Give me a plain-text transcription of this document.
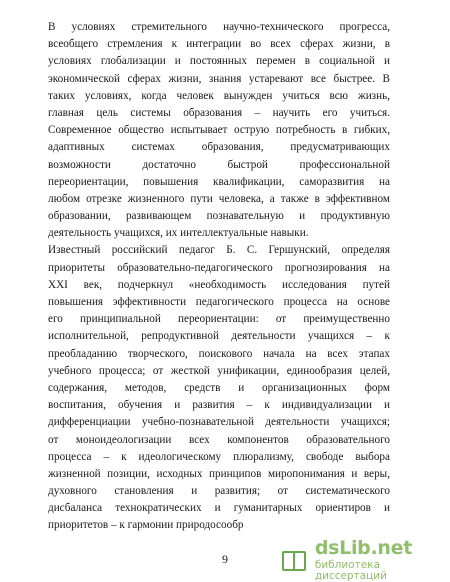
В условиях стремительного научно-технического прогресса,
всеобщего стремления к интеграции во всех сферах жизни, в
условиях глобализации и постоянных перемен в социальной и
экономической сферах жизни, знания устаревают все быстрее. В
таких условиях, когда человек вынужден учиться всю жизнь,
главная цель системы образования – научить его учиться.
Современное общество испытывает острую потребность в гибких,
адаптивных системах образования, предусматривающих
возможности достаточно быстрой профессиональной
переориентации, повышения квалификации, саморазвития на
любом отрезке жизненного пути человека, а также в эффективном
образовании, развивающем познавательную и продуктивную
деятельность учащихся, их интеллектуальные навыки.
Известный российский педагог Б. С. Гершунский, определяя
приоритеты образовательно-педагогического прогнозирования на
XXI век, подчеркнул «необходимость исследования путей
повышения эффективности педагогического процесса на основе
его принципиальной переориентации: от преимущественно
исполнительной, репродуктивной деятельности учащихся – к
преобладанию творческого, поискового начала на всех этапах
учебного процесса; от жесткой унификации, единообразия целей,
содержания, методов, средств и организационных форм
воспитания, обучения и развития – к индивидуализации и
дифференциации учебно-познавательной деятельности учащихся;
от моноидеологизации всех компонентов образовательного
процесса – к идеологическому плюрализму, свободе выбора
жизненной позиции, исходных принципов миропонимания и веры,
духовного становления и развития; от систематического
дисбаланса технократических и гуманитарных ориентиров и
приоритетов – к гармонии природосообр
9	dsLib.net
библиотека диссертаций
